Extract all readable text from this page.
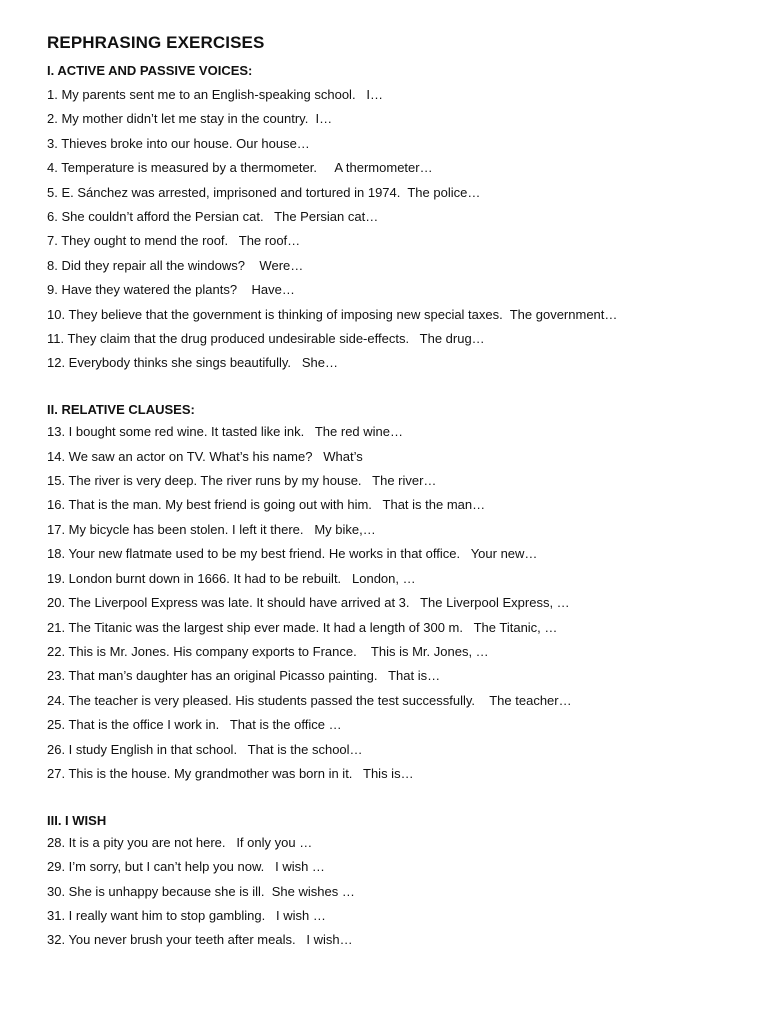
REPHRASING EXERCISES
I. ACTIVE AND PASSIVE VOICES:
1. My parents sent me to an English-speaking school.   I…
2. My mother didn’t let me stay in the country.  I…
3. Thieves broke into our house. Our house…
4. Temperature is measured by a thermometer.     A thermometer…
5. E. Sánchez was arrested, imprisoned and tortured in 1974.  The police…
6. She couldn’t afford the Persian cat.   The Persian cat…
7. They ought to mend the roof.   The roof…
8. Did they repair all the windows?    Were…
9. Have they watered the plants?    Have…
10. They believe that the government is thinking of imposing new special taxes.  The government…
11. They claim that the drug produced undesirable side-effects.   The drug…
12. Everybody thinks she sings beautifully.   She…
II. RELATIVE CLAUSES:
13. I bought some red wine. It tasted like ink.   The red wine…
14. We saw an actor on TV. What’s his name?   What’s
15. The river is very deep. The river runs by my house.   The river…
16. That is the man. My best friend is going out with him.   That is the man…
17. My bicycle has been stolen. I left it there.   My bike,…
18. Your new flatmate used to be my best friend. He works in that office.   Your new…
19. London burnt down in 1666. It had to be rebuilt.   London, …
20. The Liverpool Express was late. It should have arrived at 3.   The Liverpool Express, …
21. The Titanic was the largest ship ever made. It had a length of 300 m.   The Titanic, …
22. This is Mr. Jones. His company exports to France.    This is Mr. Jones, …
23. That man’s daughter has an original Picasso painting.   That is…
24. The teacher is very pleased. His students passed the test successfully.    The teacher…
25. That is the office I work in.   That is the office …
26. I study English in that school.   That is the school…
27. This is the house. My grandmother was born in it.   This is…
III. I WISH
28. It is a pity you are not here.   If only you …
29. I’m sorry, but I can’t help you now.   I wish …
30. She is unhappy because she is ill.  She wishes …
31. I really want him to stop gambling.   I wish …
32. You never brush your teeth after meals.   I wish…
